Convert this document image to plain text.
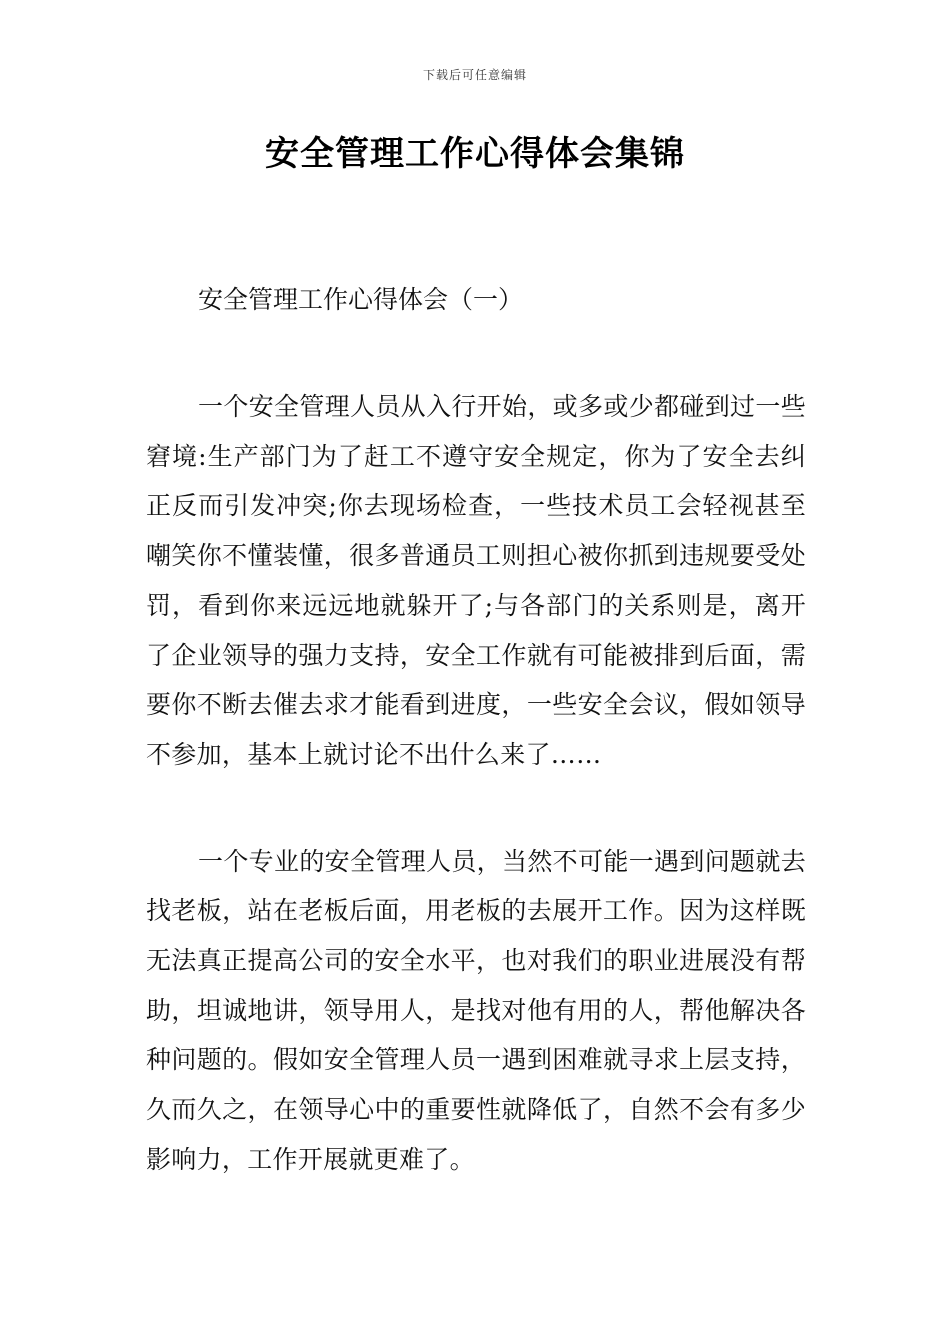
下载后可任意编辑
安全管理工作心得体会集锦

安全管理工作心得体会（一）

一个安全管理人员从入行开始，或多或少都碰到过一些窘境:生产部门为了赶工不遵守安全规定，你为了安全去纠正反而引发冲突;你去现场检查，一些技术员工会轻视甚至嘲笑你不懂装懂，很多普通员工则担心被你抓到违规要受处罚，看到你来远远地就躲开了;与各部门的关系则是，离开了企业领导的强力支持，安全工作就有可能被排到后面，需要你不断去催去求才能看到进度，一些安全会议，假如领导不参加，基本上就讨论不出什么来了……

一个专业的安全管理人员，当然不可能一遇到问题就去找老板，站在老板后面，用老板的去展开工作。因为这样既无法真正提高公司的安全水平，也对我们的职业进展没有帮助，坦诚地讲，领导用人，是找对他有用的人，帮他解决各种问题的。假如安全管理人员一遇到困难就寻求上层支持，久而久之，在领导心中的重要性就降低了，自然不会有多少影响力，工作开展就更难了。
